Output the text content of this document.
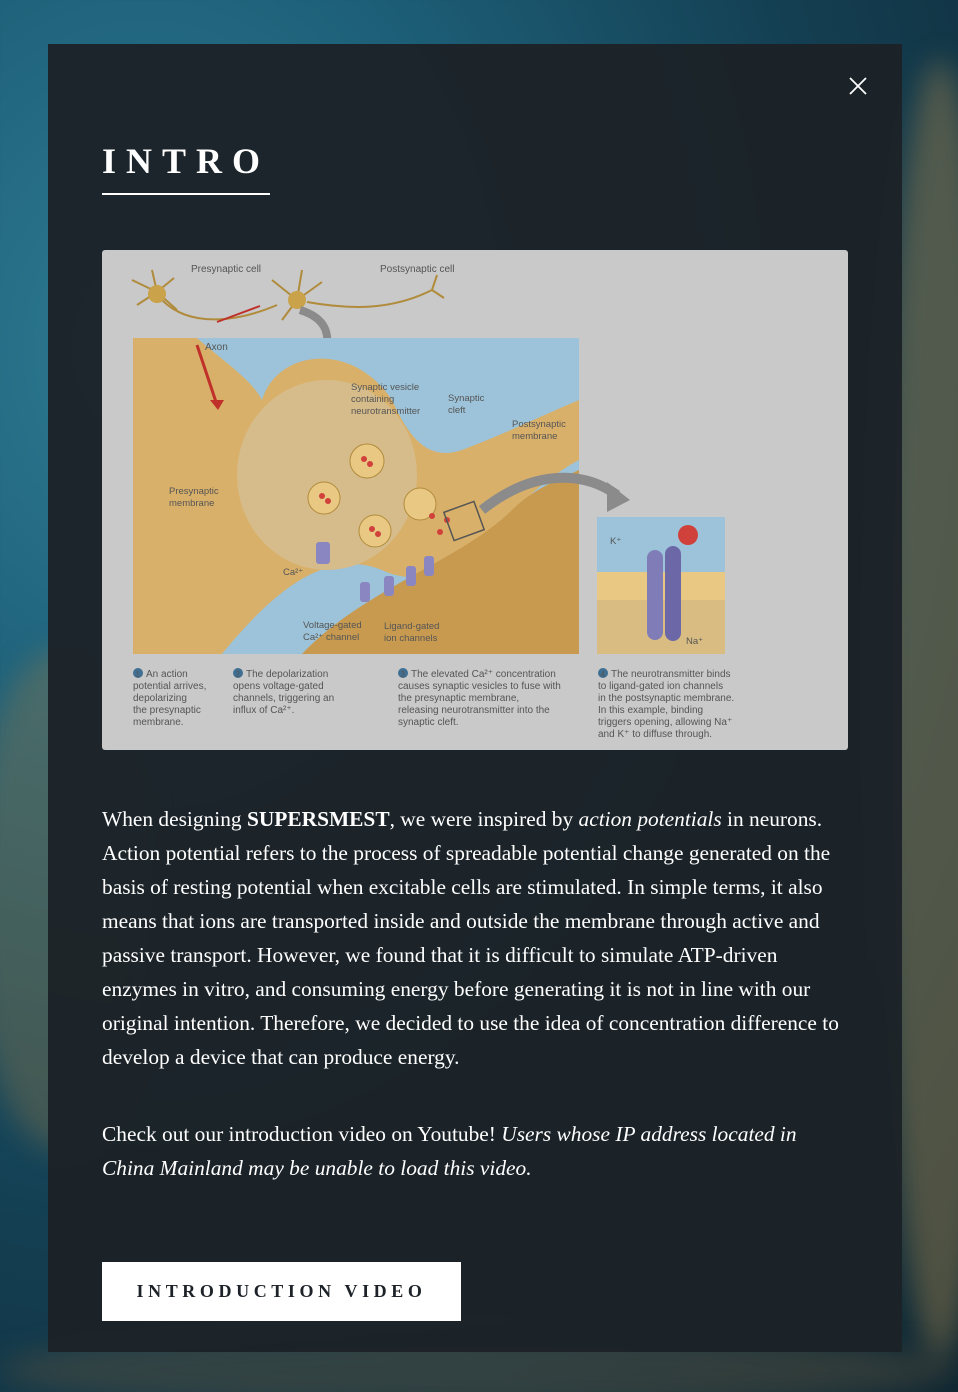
INTRO
Presynaptic cell	Postsynaptic cell
Axon
Synaptic vesicle
containing
neurotransmitter
Synaptic
cleft
Postsynaptic
membrane
Presynaptic
membrane
Ca²⁺
Voltage-gated
Ca²⁺ channel
Ligand-gated
ion channels
K⁺
Na⁺
1 An action
potential arrives,
depolarizing
the presynaptic
membrane.
2 The depolarization
opens voltage-gated
channels, triggering an
influx of Ca²⁺.
3 The elevated Ca²⁺ concentration
causes synaptic vesicles to fuse with
the presynaptic membrane,
releasing neurotransmitter into the
synaptic cleft.
4 The neurotransmitter binds
to ligand-gated ion channels
in the postsynaptic membrane.
In this example, binding
triggers opening, allowing Na⁺
and K⁺ to diffuse through.

When designing SUPERSMEST, we were inspired by action potentials in neurons. Action potential refers to the process of spreadable potential change generated on the basis of resting potential when excitable cells are stimulated. In simple terms, it also means that ions are transported inside and outside the membrane through active and passive transport. However, we found that it is difficult to simulate ATP-driven enzymes in vitro, and consuming energy before generating it is not in line with our original intention. Therefore, we decided to use the idea of concentration difference to develop a device that can produce energy.

Check out our introduction video on Youtube! Users whose IP address located in China Mainland may be unable to load this video.

INTRODUCTION VIDEO
